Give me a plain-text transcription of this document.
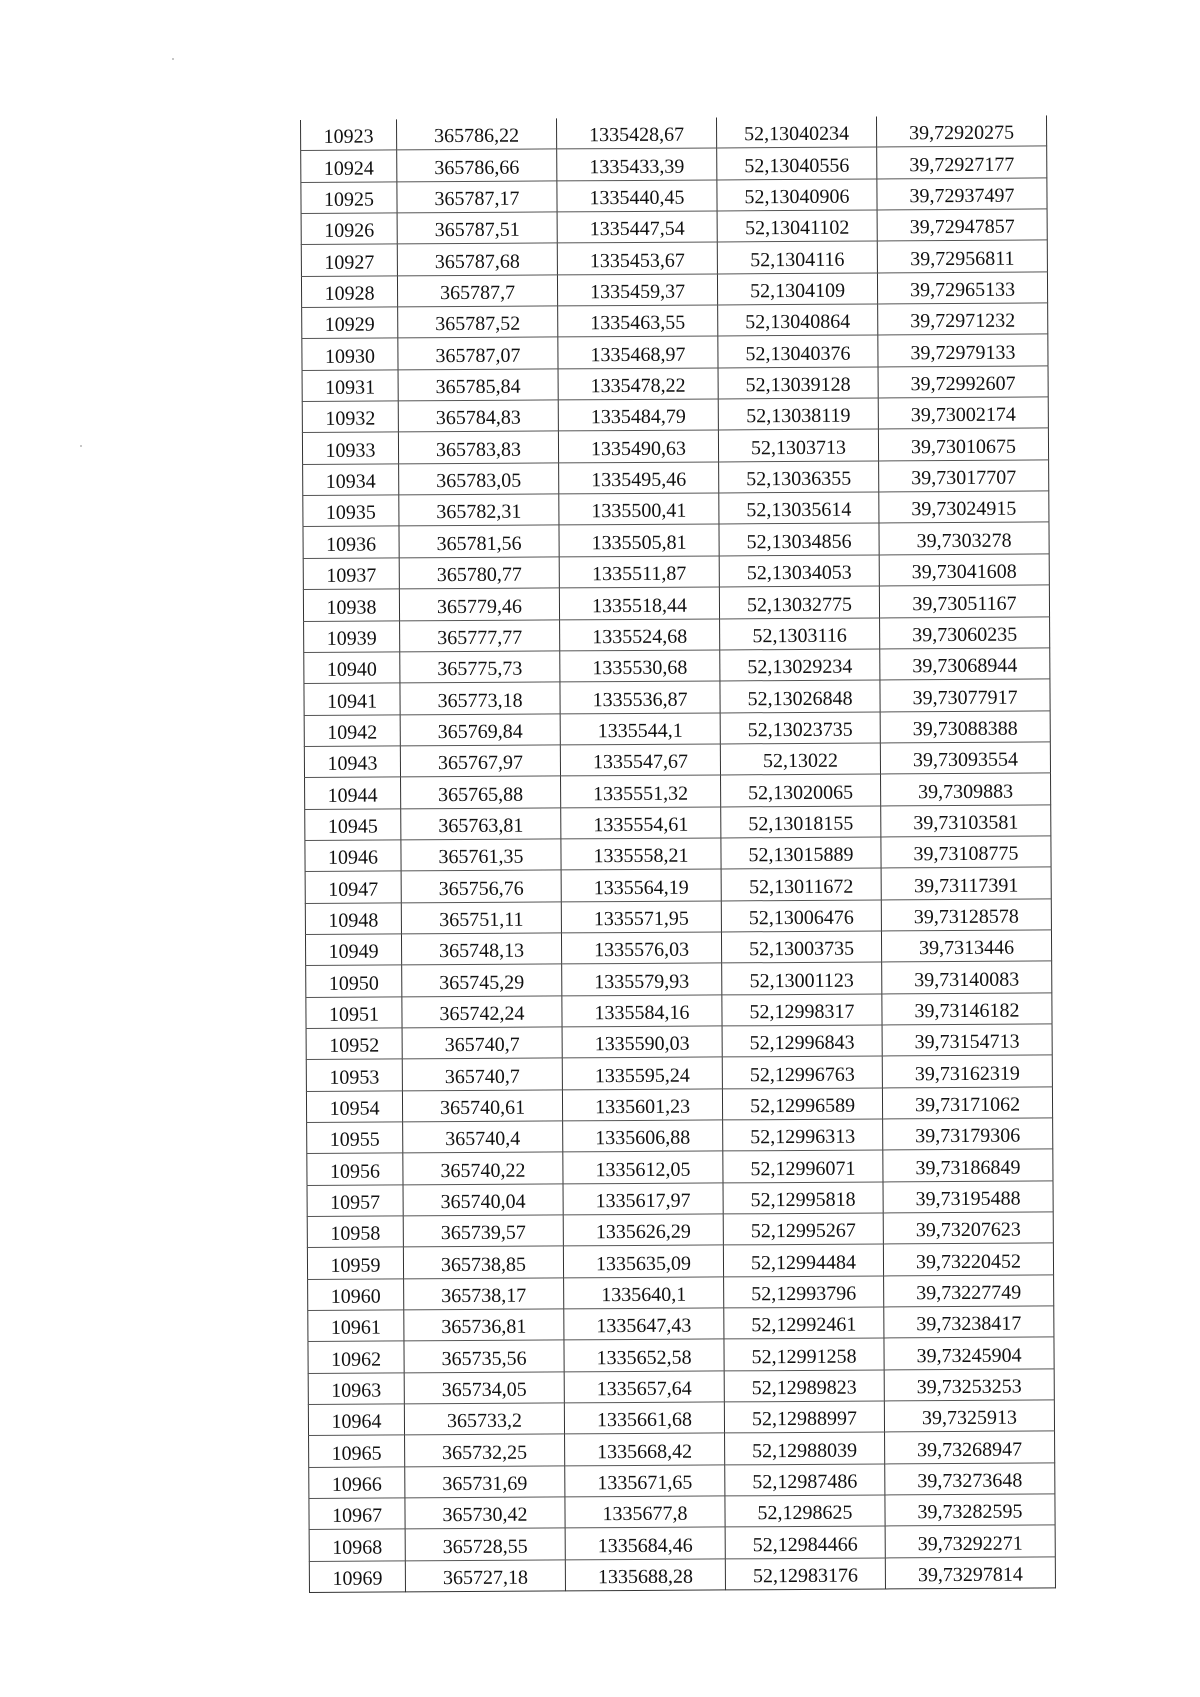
10923	365786,22	1335428,67	52,13040234	39,72920275
10924	365786,66	1335433,39	52,13040556	39,72927177
10925	365787,17	1335440,45	52,13040906	39,72937497
10926	365787,51	1335447,54	52,13041102	39,72947857
10927	365787,68	1335453,67	52,1304116	39,72956811
10928	365787,7	1335459,37	52,1304109	39,72965133
10929	365787,52	1335463,55	52,13040864	39,72971232
10930	365787,07	1335468,97	52,13040376	39,72979133
10931	365785,84	1335478,22	52,13039128	39,72992607
10932	365784,83	1335484,79	52,13038119	39,73002174
10933	365783,83	1335490,63	52,1303713	39,73010675
10934	365783,05	1335495,46	52,13036355	39,73017707
10935	365782,31	1335500,41	52,13035614	39,73024915
10936	365781,56	1335505,81	52,13034856	39,7303278
10937	365780,77	1335511,87	52,13034053	39,73041608
10938	365779,46	1335518,44	52,13032775	39,73051167
10939	365777,77	1335524,68	52,1303116	39,73060235
10940	365775,73	1335530,68	52,13029234	39,73068944
10941	365773,18	1335536,87	52,13026848	39,73077917
10942	365769,84	1335544,1	52,13023735	39,73088388
10943	365767,97	1335547,67	52,13022	39,73093554
10944	365765,88	1335551,32	52,13020065	39,7309883
10945	365763,81	1335554,61	52,13018155	39,73103581
10946	365761,35	1335558,21	52,13015889	39,73108775
10947	365756,76	1335564,19	52,13011672	39,73117391
10948	365751,11	1335571,95	52,13006476	39,73128578
10949	365748,13	1335576,03	52,13003735	39,7313446
10950	365745,29	1335579,93	52,13001123	39,73140083
10951	365742,24	1335584,16	52,12998317	39,73146182
10952	365740,7	1335590,03	52,12996843	39,73154713
10953	365740,7	1335595,24	52,12996763	39,73162319
10954	365740,61	1335601,23	52,12996589	39,73171062
10955	365740,4	1335606,88	52,12996313	39,73179306
10956	365740,22	1335612,05	52,12996071	39,73186849
10957	365740,04	1335617,97	52,12995818	39,73195488
10958	365739,57	1335626,29	52,12995267	39,73207623
10959	365738,85	1335635,09	52,12994484	39,73220452
10960	365738,17	1335640,1	52,12993796	39,73227749
10961	365736,81	1335647,43	52,12992461	39,73238417
10962	365735,56	1335652,58	52,12991258	39,73245904
10963	365734,05	1335657,64	52,12989823	39,73253253
10964	365733,2	1335661,68	52,12988997	39,7325913
10965	365732,25	1335668,42	52,12988039	39,73268947
10966	365731,69	1335671,65	52,12987486	39,73273648
10967	365730,42	1335677,8	52,1298625	39,73282595
10968	365728,55	1335684,46	52,12984466	39,73292271
10969	365727,18	1335688,28	52,12983176	39,73297814
